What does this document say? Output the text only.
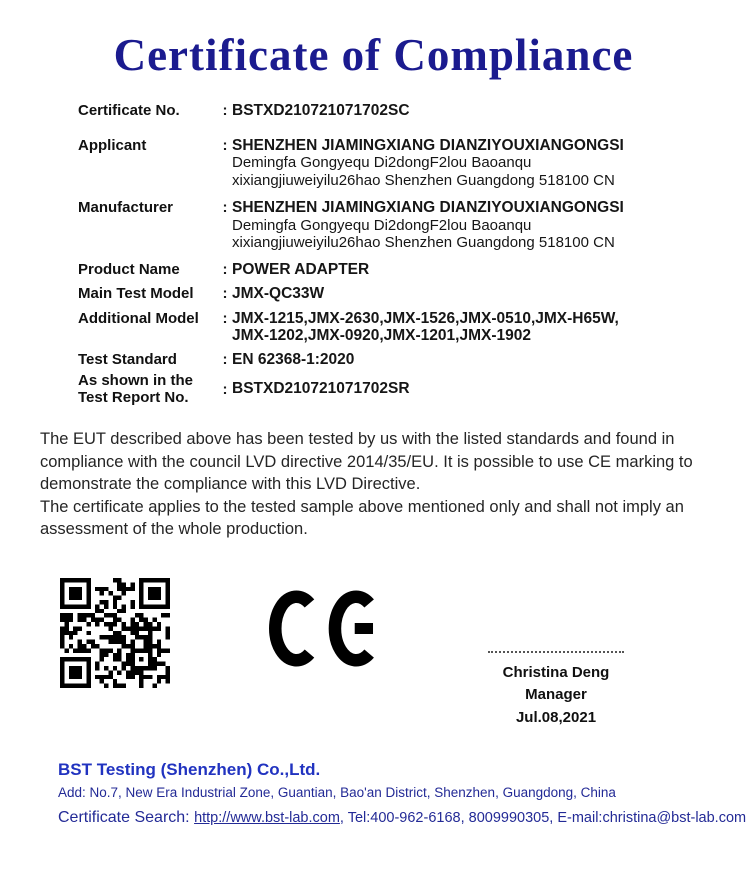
Certificate of Compliance
Certificate No.	: BSTXD210721071702SC
Applicant	: SHENZHEN JIAMINGXIANG DIANZIYOUXIANGONGSI
Demingfa Gongyequ Di2dongF2lou Baoanqu
xixiangjiuweiyilu26hao Shenzhen Guangdong 518100 CN
Manufacturer	: SHENZHEN JIAMINGXIANG DIANZIYOUXIANGONGSI
Demingfa Gongyequ Di2dongF2lou Baoanqu
xixiangjiuweiyilu26hao Shenzhen Guangdong 518100 CN
Product Name	: POWER ADAPTER
Main Test Model	: JMX-QC33W
Additional Model	: JMX-1215,JMX-2630,JMX-1526,JMX-0510,JMX-H65W,
JMX-1202,JMX-0920,JMX-1201,JMX-1902
Test Standard	: EN 62368-1:2020
As shown in the
Test Report No.	: BSTXD210721071702SR

The EUT described above has been tested by us with the listed standards and found in compliance with the council LVD directive 2014/35/EU. It is possible to use CE marking to demonstrate the compliance with this LVD Directive.

The certificate applies to the tested sample above mentioned only and shall not imply an assessment of the whole production.

Christina Deng
Manager
Jul.08,2021
BST Testing (Shenzhen) Co.,Ltd.
Add: No.7, New Era Industrial Zone, Guantian, Bao'an District, Shenzhen, Guangdong, China
Certificate Search: http://www.bst-lab.com, Tel:400-962-6168, 8009990305, E-mail:christina@bst-lab.com
